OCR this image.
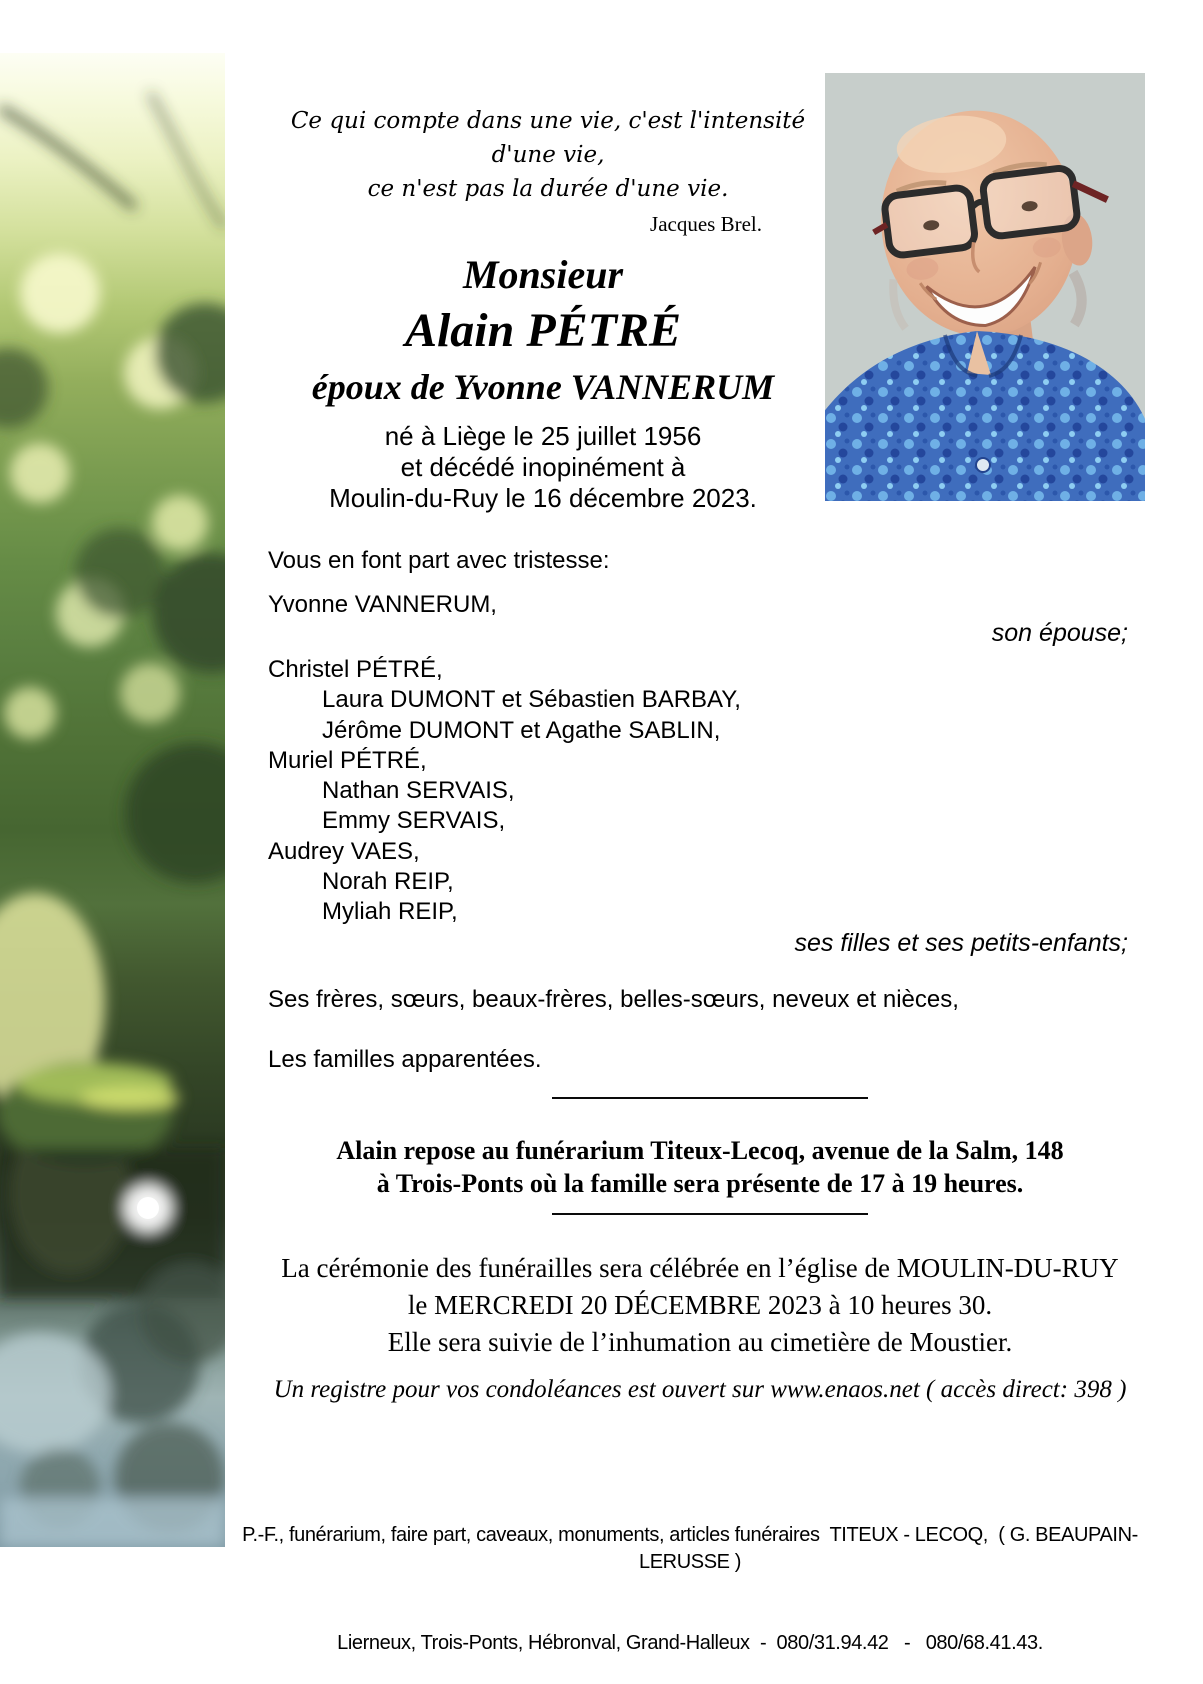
Ce qui compte dans une vie, c'est l'intensité d'une vie,
ce n'est pas la durée d'une vie.
Jacques Brel.
Monsieur
Alain PÉTRÉ
époux de Yvonne VANNERUM
né à Liège le 25 juillet 1956
et décédé inopinément à
Moulin-du-Ruy le 16 décembre 2023.
Vous en font part avec tristesse:
Yvonne VANNERUM,
son épouse;
Christel PÉTRÉ,
Laura DUMONT et Sébastien BARBAY,
Jérôme DUMONT et Agathe SABLIN,
Muriel PÉTRÉ,
Nathan SERVAIS,
Emmy SERVAIS,
Audrey VAES,
Norah REIP,
Myliah REIP,
ses filles et ses petits-enfants;
Ses frères, sœurs, beaux-frères, belles-sœurs, neveux et nièces,
Les familles apparentées.
Alain repose au funérarium Titeux-Lecoq, avenue de la Salm, 148
à Trois-Ponts où la famille sera présente de 17 à 19 heures.
La cérémonie des funérailles sera célébrée en l’église de MOULIN-DU-RUY
le MERCREDI 20 DÉCEMBRE 2023 à 10 heures 30.
Elle sera suivie de l’inhumation au cimetière de Moustier.
Un registre pour vos condoléances est ouvert sur www.enaos.net ( accès direct: 398 )

P.-F., funérarium, faire part, caveaux, monuments, articles funéraires  TITEUX - LECOQ,  ( G. BEAUPAIN-LERUSSE )

Lierneux, Trois-Ponts, Hébronval, Grand-Halleux  -  080/31.94.42   -   080/68.41.43.
